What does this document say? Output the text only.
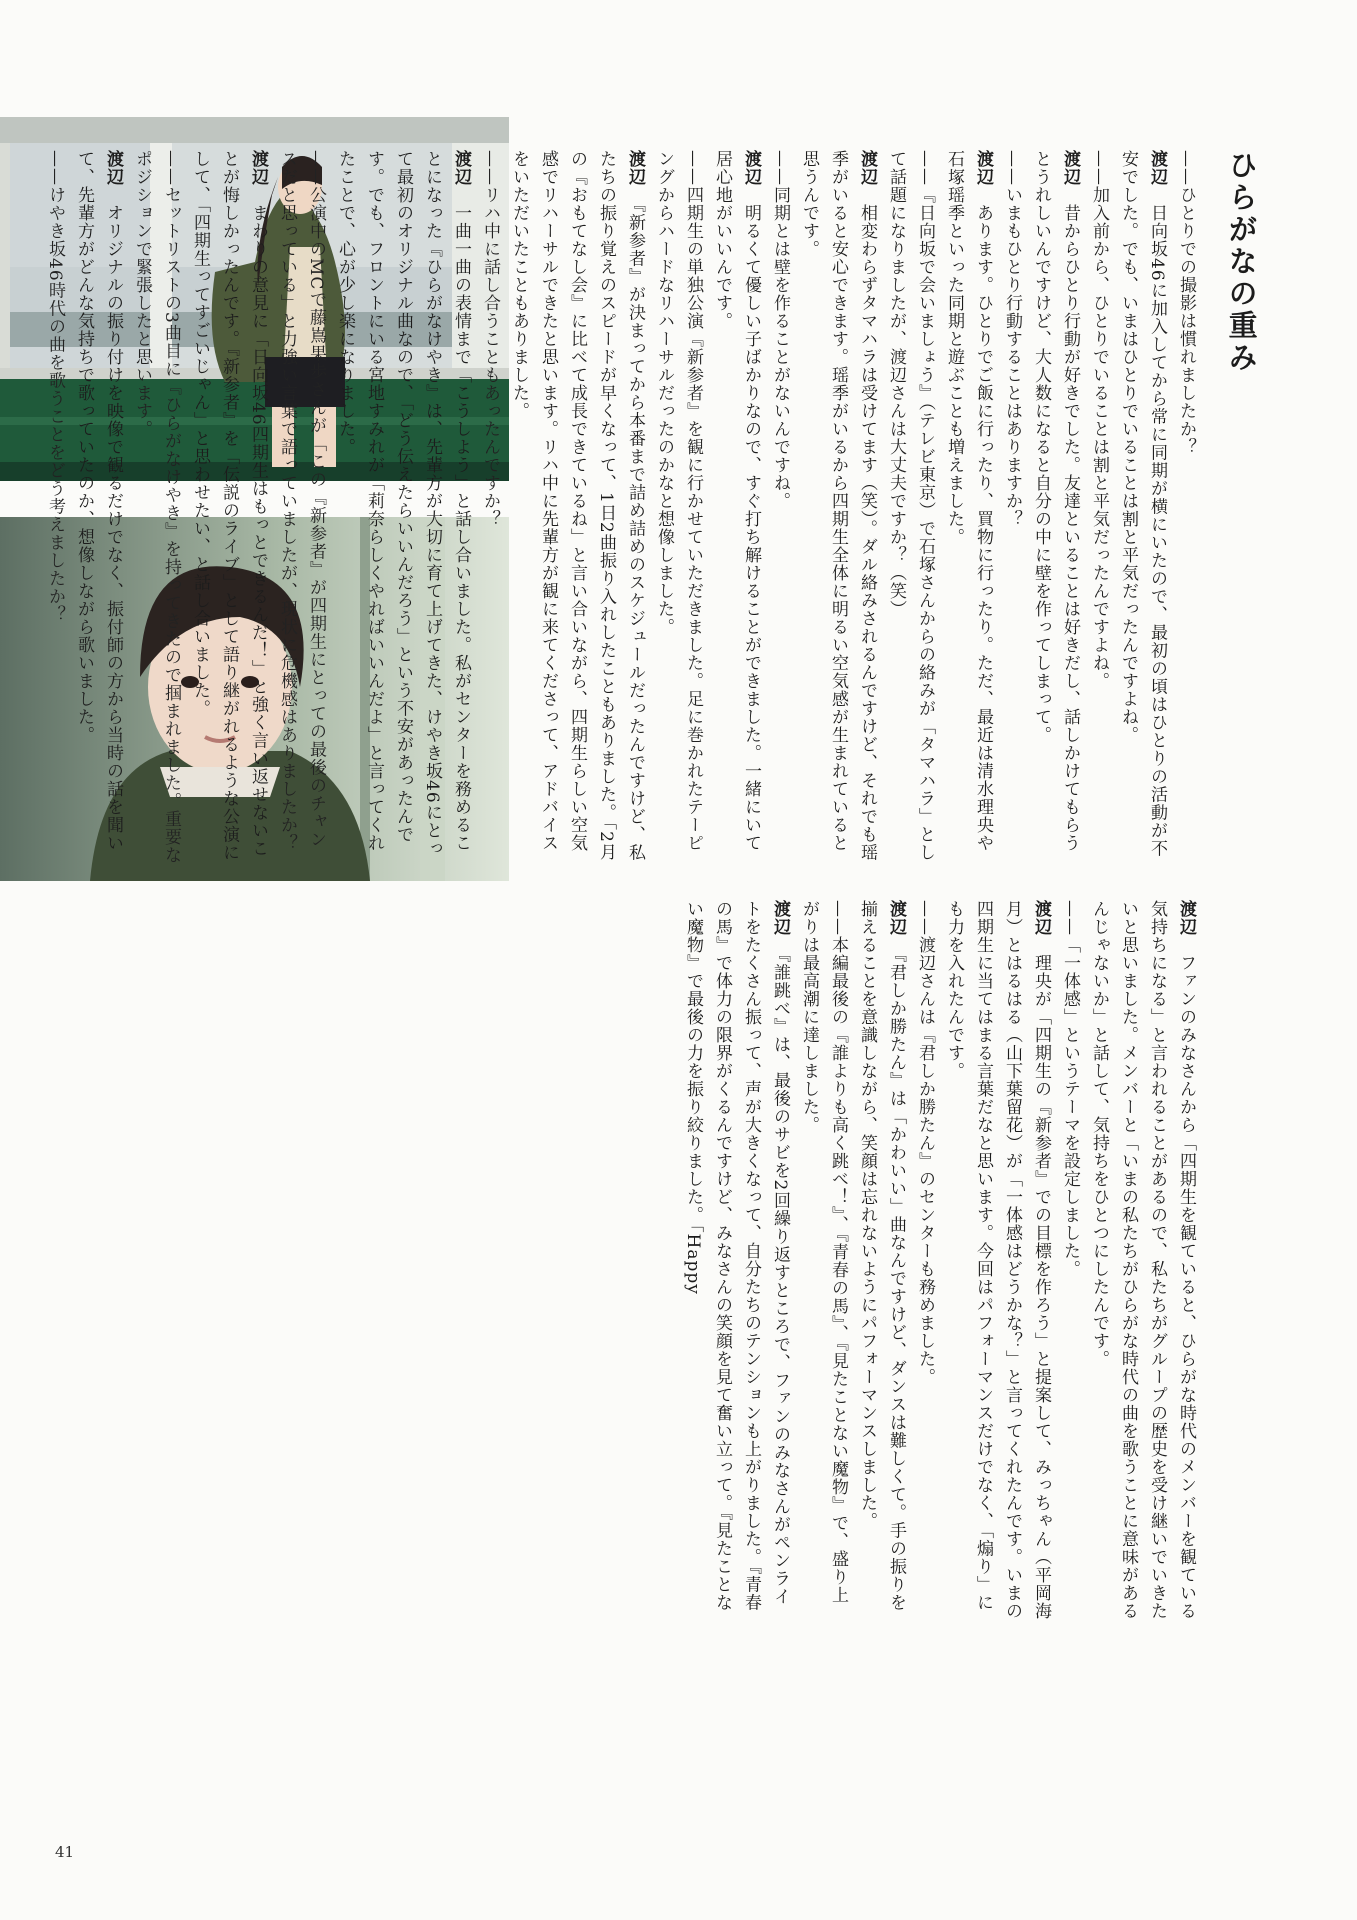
ひらがなの重み

——ひとりでの撮影は慣れましたか？

渡辺日向坂46に加入してから常に同期が横にいたので、最初の頃はひとりの活動が不安でした。でも、いまはひとりでいることは割と平気だったんですよね。

——加入前から、ひとりでいることは割と平気だったんですよね。

渡辺昔からひとり行動が好きでした。友達といることは好きだし、話しかけてもらうとうれしいんですけど、大人数になると自分の中に壁を作ってしまって。

——いまもひとり行動することはありますか？

渡辺あります。ひとりでご飯に行ったり、買物に行ったり。ただ、最近は清水理央や石塚瑶季といった同期と遊ぶことも増えました。

——『日向坂で会いましょう』（テレビ東京）で石塚さんからの絡みが「タマハラ」として話題になりましたが、渡辺さんは大丈夫ですか？（笑）

渡辺相変わらずタマハラは受けてます（笑）。ダル絡みされるんですけど、それでも瑶季がいると安心できます。瑶季がいるから四期生全体に明るい空気感が生まれていると思うんです。

——同期とは壁を作ることがないんですね。

渡辺明るくて優しい子ばかりなので、すぐ打ち解けることができました。一緒にいて居心地がいいんです。

——四期生の単独公演『新参者』を観に行かせていただきました。足に巻かれたテーピングからハードなリハーサルだったのかなと想像しました。

渡辺『新参者』が決まってから本番まで詰め詰めのスケジュールだったんですけど、私たちの振り覚えのスピードが早くなって、1日2曲振り入れしたこともありました。「2月の『おもてなし会』に比べて成長できているね」と言い合いながら、四期生らしい空気感でリハーサルできたと思います。リハ中に先輩方が観に来てくださって、アドバイスをいただいたこともありました。

——リハ中に話し合うこともあったんですか？

渡辺一曲一曲の表情まで「こうしよう」と話し合いました。私がセンターを務めることになった『ひらがなけやき』は、先輩方が大切に育て上げてきた、けやき坂46にとって最初のオリジナル曲なので、「どう伝えたらいいんだろう」という不安があったんです。でも、フロントにいる宮地すみれが「莉奈らしくやればいいんだよ」と言ってくれたことで、心が少し楽になりました。

——公演中のMCで藤嶌果歩さんが「この『新参者』が四期生にとっての最後のチャンスだと思っている」と力強い言葉で語っていましたが、現状に危機感はありましたか？

渡辺まわりの意見に「日向坂46四期生はもっとできるんだ！」と強く言い返せないことが悔しかったんです。『新参者』を「伝説のライブ」として語り継がれるような公演にして、「四期生ってすごいじゃん」と思わせたい、と話し合いました。

——セットリストの3曲目に『ひらがなけやき』を持ってきたので掴まれました。重要なポジションで緊張したと思います。

渡辺オリジナルの振り付けを映像で観るだけでなく、振付師の方から当時の話を聞いて、先輩方がどんな気持ちで歌っていたのか、想像しながら歌いました。

——けやき坂46時代の曲を歌うことをどう考えましたか？

渡辺ファンのみなさんから「四期生を観ていると、ひらがな時代のメンバーを観ている気持ちになる」と言われることがあるので、私たちがグループの歴史を受け継いでいきたいと思いました。メンバーと「いまの私たちがひらがな時代の曲を歌うことに意味があるんじゃないか」と話して、気持ちをひとつにしたんです。

——「一体感」というテーマを設定しました。

渡辺理央が「四期生の『新参者』での目標を作ろう」と提案して、みっちゃん（平岡海月）とはるはる（山下葉留花）が「一体感はどうかな？」と言ってくれたんです。いまの四期生に当てはまる言葉だなと思います。今回はパフォーマンスだけでなく、「煽り」にも力を入れたんです。

——渡辺さんは『君しか勝たん』のセンターも務めました。

渡辺『君しか勝たん』は「かわいい」曲なんですけど、ダンスは難しくて。手の振りを揃えることを意識しながら、笑顔は忘れないようにパフォーマンスしました。

——本編最後の『誰よりも高く跳べ！』、『青春の馬』、『見たことない魔物』で、盛り上がりは最高潮に達しました。

渡辺『誰跳べ』は、最後のサビを2回繰り返すところで、ファンのみなさんがペンライトをたくさん振って、声が大きくなって、自分たちのテンションも上がりました。『青春の馬』で体力の限界がくるんですけど、みなさんの笑顔を見て奮い立って。『見たことない魔物』で最後の力を振り絞りました。「Happy

41
